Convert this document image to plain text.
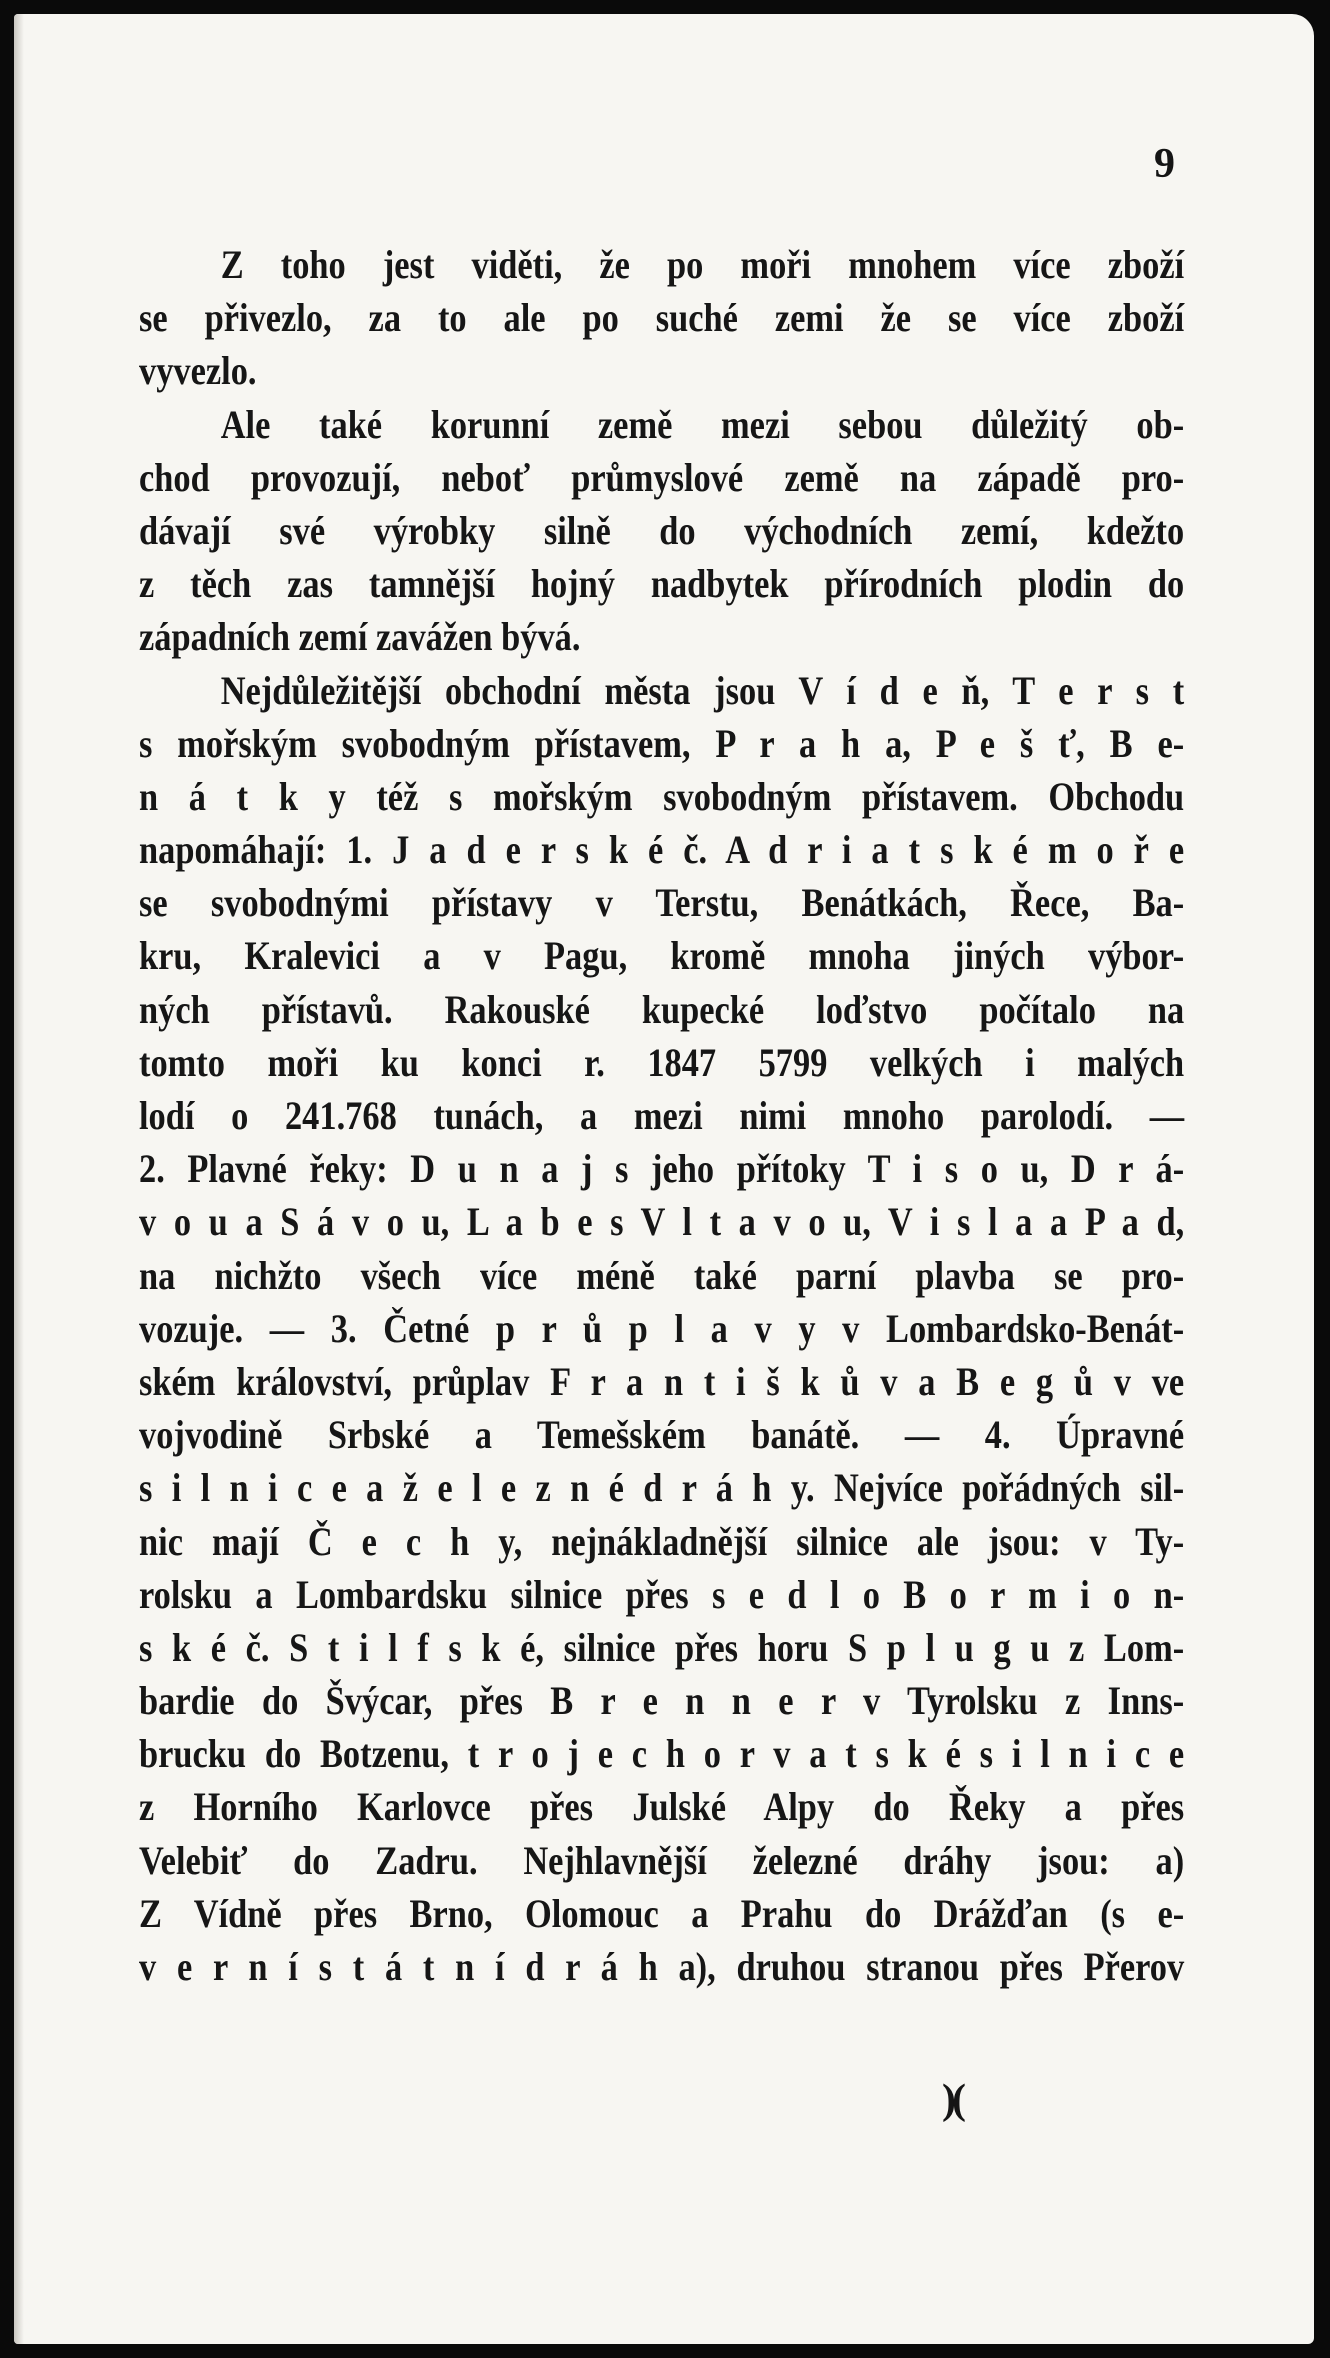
9
Z toho jest viděti, že po moři mnohem více zboží
se přivezlo, za to ale po suché zemi že se více zboží
vyvezlo.
Ale také korunní země mezi sebou důležitý ob-
chod provozují, neboť průmyslové země na západě pro-
dávají své výrobky silně do východních zemí, kdežto
z těch zas tamnější hojný nadbytek přírodních plodin do
západních zemí zavážen bývá.
Nejdůležitější obchodní města jsou V í d e ň, T e r s t
s mořským svobodným přístavem, P r a h a, P e š ť, B e-
n á t k y též s mořským svobodným přístavem. Obchodu
napomáhají: 1. J a d e r s k é č. A d r i a t s k é m o ř e
se svobodnými přístavy v Terstu, Benátkách, Řece, Ba-
kru, Kralevici a v Pagu, kromě mnoha jiných výbor-
ných přístavů. Rakouské kupecké loďstvo počítalo na
tomto moři ku konci r. 1847 5799 velkých i malých
lodí o 241.768 tunách, a mezi nimi mnoho parolodí. —
2. Plavné řeky: D u n a j s jeho přítoky T i s o u, D r á-
v o u a S á v o u, L a b e s V l t a v o u, V i s l a a P a d,
na nichžto všech více méně také parní plavba se pro-
vozuje. — 3. Četné p r ů p l a v y v Lombardsko-Benát-
ském království, průplav F r a n t i š k ů v a B e g ů v ve
vojvodině Srbské a Temešském banátě. — 4. Úpravné
s i l n i c e a ž e l e z n é d r á h y. Nejvíce pořádných sil-
nic mají Č e c h y, nejnákladnější silnice ale jsou: v Ty-
rolsku a Lombardsku silnice přes s e d l o B o r m i o n-
s k é č. S t i l f s k é, silnice přes horu S p l u g u z Lom-
bardie do Švýcar, přes B r e n n e r v Tyrolsku z Inns-
brucku do Botzenu, t r o j e c h o r v a t s k é s i l n i c e
z Horního Karlovce přes Julské Alpy do Řeky a přes
Velebiť do Zadru. Nejhlavnější železné dráhy jsou: a)
Z Vídně přes Brno, Olomouc a Prahu do Drážďan (s e-
v e r n í s t á t n í d r á h a), druhou stranou přes Přerov
)(
